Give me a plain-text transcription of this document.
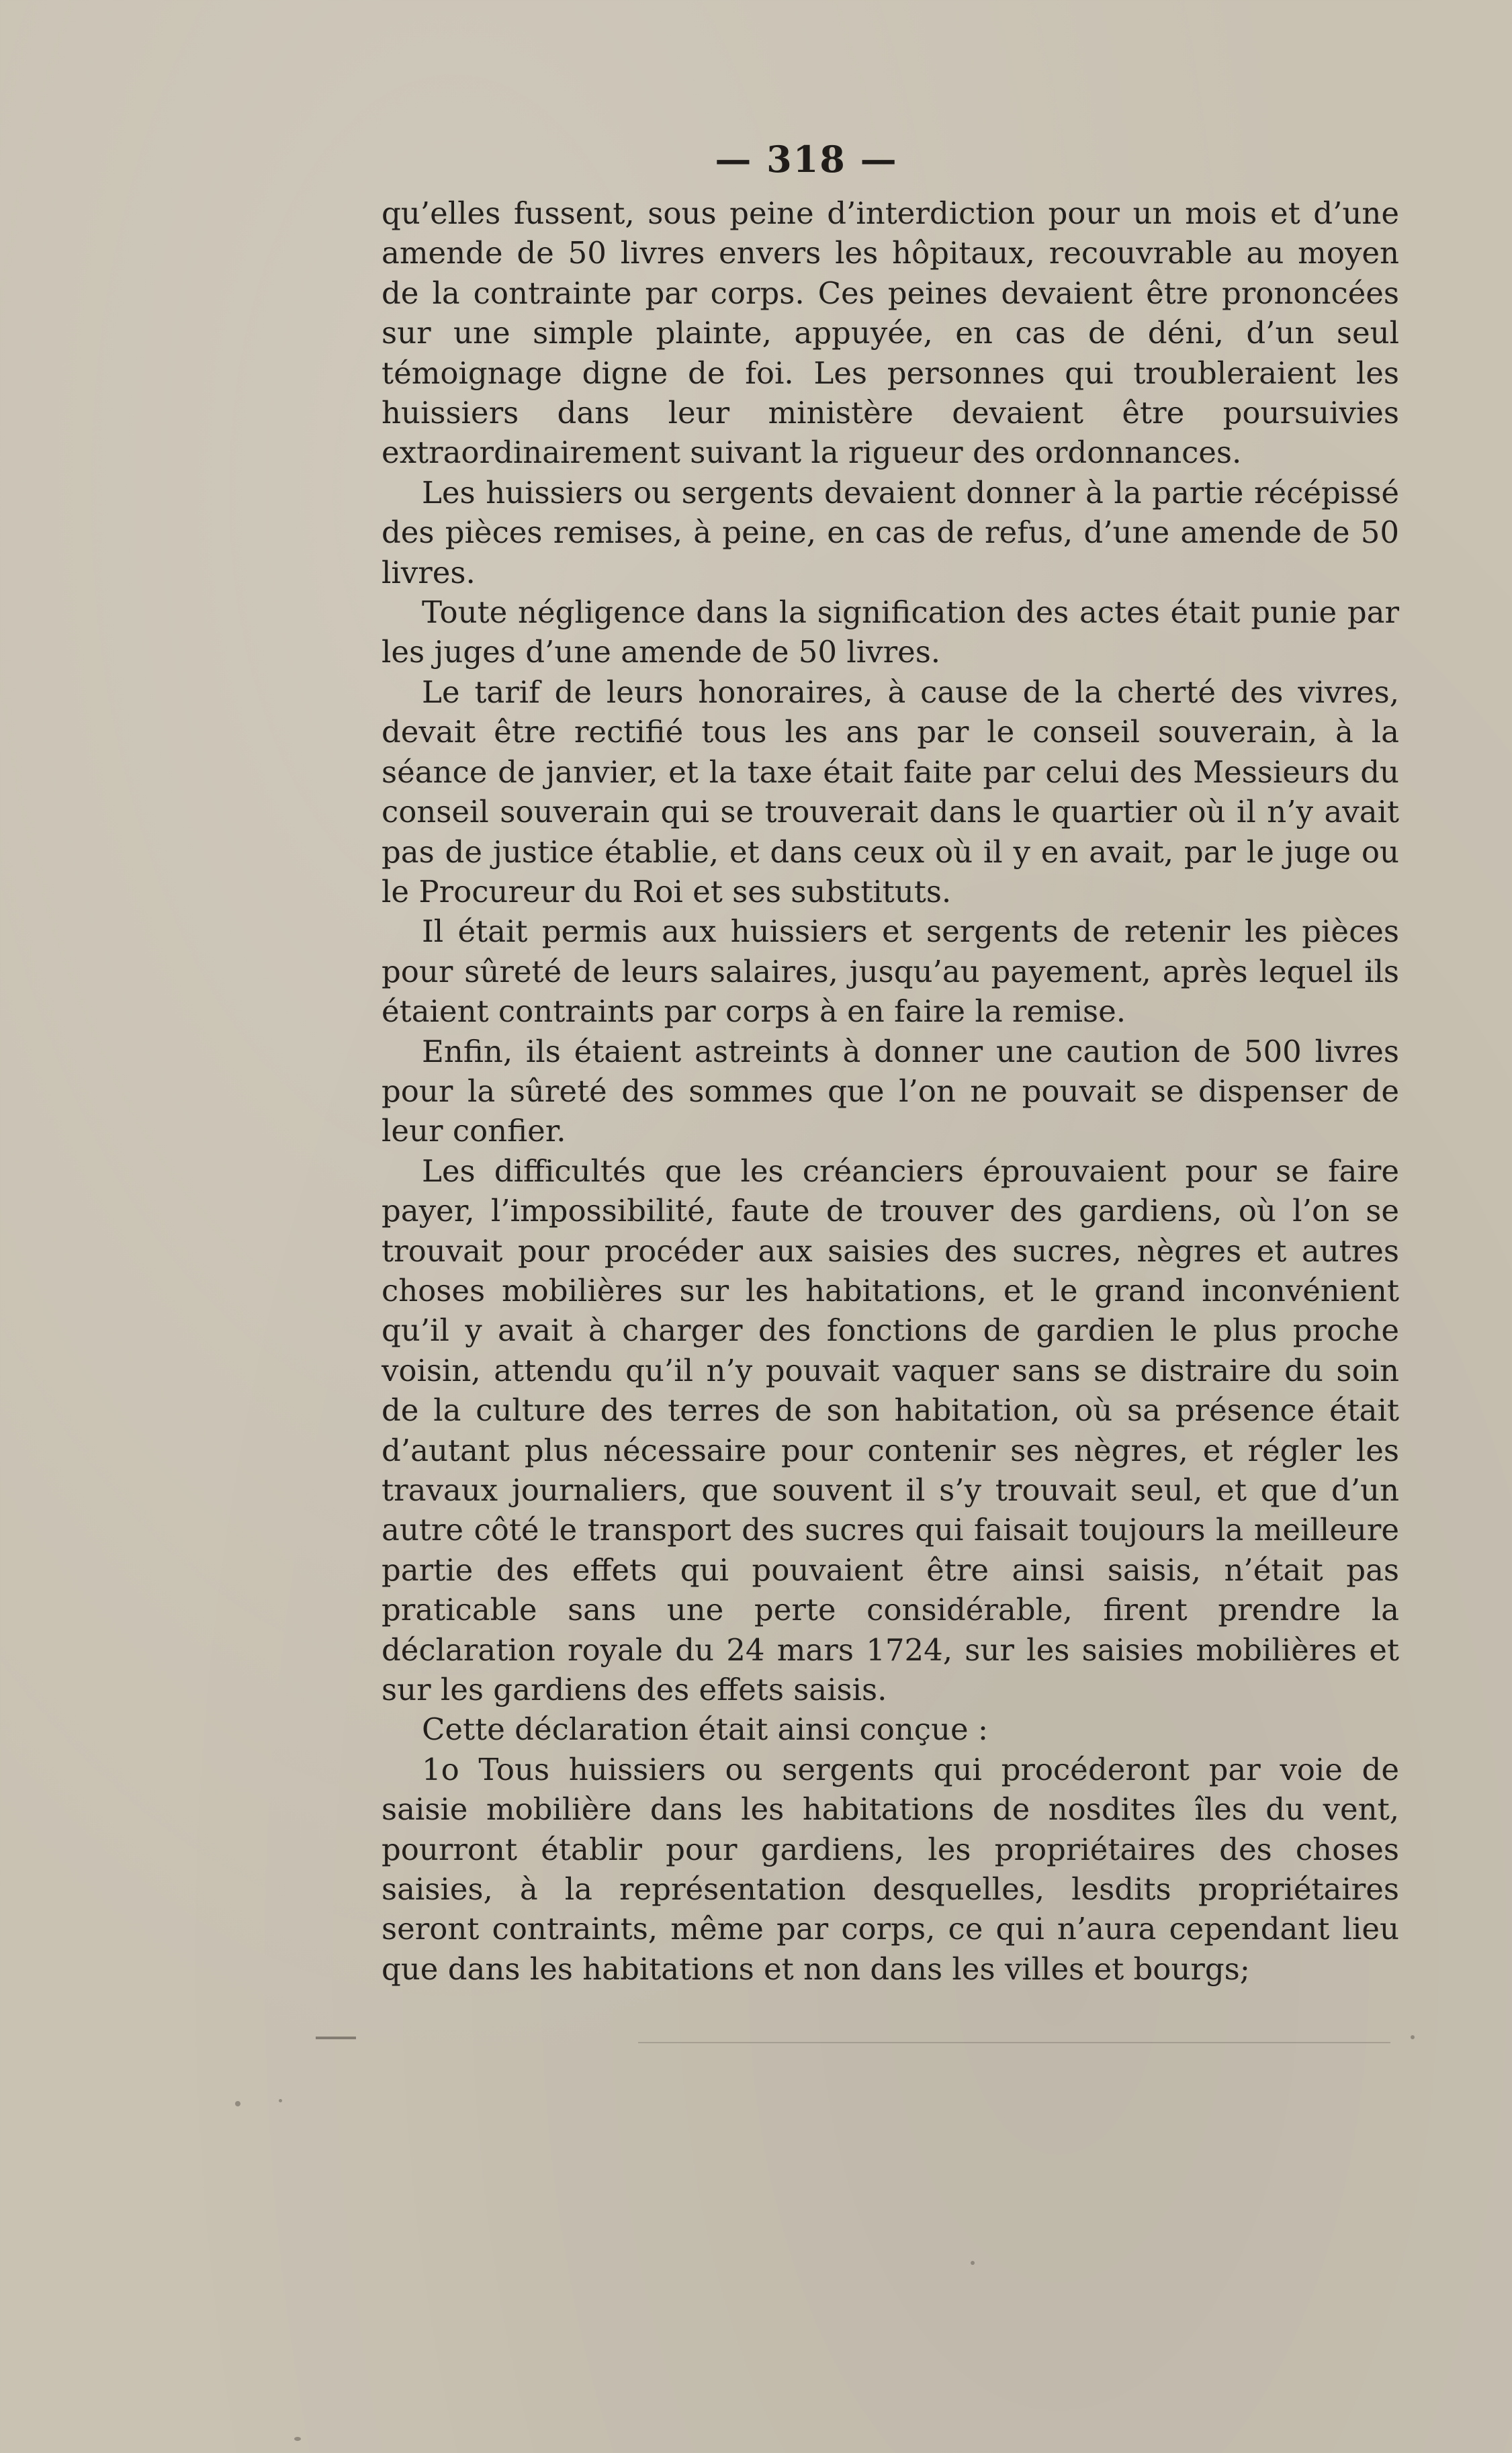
— 318 —

qu’elles fussent, sous peine d’interdiction pour un mois et d’une amende de 50 livres envers les hôpitaux, recouvrable au moyen de la contrainte par corps. Ces peines devaient être prononcées sur une simple plainte, appuyée, en cas de déni, d’un seul témoignage digne de foi. Les personnes qui troubleraient les huissiers dans leur ministère devaient être poursuivies extraordinairement suivant la rigueur des ordonnances.

Les huissiers ou sergents devaient donner à la partie récépissé des pièces remises, à peine, en cas de refus, d’une amende de 50 livres.

Toute négligence dans la signification des actes était punie par les juges d’une amende de 50 livres.

Le tarif de leurs honoraires, à cause de la cherté des vivres, devait être rectifié tous les ans par le conseil souverain, à la séance de janvier, et la taxe était faite par celui des Messieurs du conseil souverain qui se trouverait dans le quartier où il n’y avait pas de justice établie, et dans ceux où il y en avait, par le juge ou le Procureur du Roi et ses substituts.

Il était permis aux huissiers et sergents de retenir les pièces pour sûreté de leurs salaires, jusqu’au payement, après lequel ils étaient contraints par corps à en faire la remise.

Enfin, ils étaient astreints à donner une caution de 500 livres pour la sûreté des sommes que l’on ne pouvait se dispenser de leur confier.

Les difficultés que les créanciers éprouvaient pour se faire payer, l’impossibilité, faute de trouver des gardiens, où l’on se trouvait pour procéder aux saisies des sucres, nègres et autres choses mobilières sur les habitations, et le grand inconvénient qu’il y avait à charger des fonctions de gardien le plus proche voisin, attendu qu’il n’y pouvait vaquer sans se distraire du soin de la culture des terres de son habitation, où sa présence était d’autant plus nécessaire pour contenir ses nègres, et régler les travaux journaliers, que souvent il s’y trouvait seul, et que d’un autre côté le transport des sucres qui faisait toujours la meilleure partie des effets qui pouvaient être ainsi saisis, n’était pas praticable sans une perte considérable, firent prendre la déclaration royale du 24 mars 1724, sur les saisies mobilières et sur les gardiens des effets saisis.

Cette déclaration était ainsi conçue :

1o Tous huissiers ou sergents qui procéderont par voie de saisie mobilière dans les habitations de nosdites îles du vent, pourront établir pour gardiens, les propriétaires des choses saisies, à la représentation desquelles, lesdits propriétaires seront contraints, même par corps, ce qui n’aura cependant lieu que dans les habitations et non dans les villes et bourgs;
